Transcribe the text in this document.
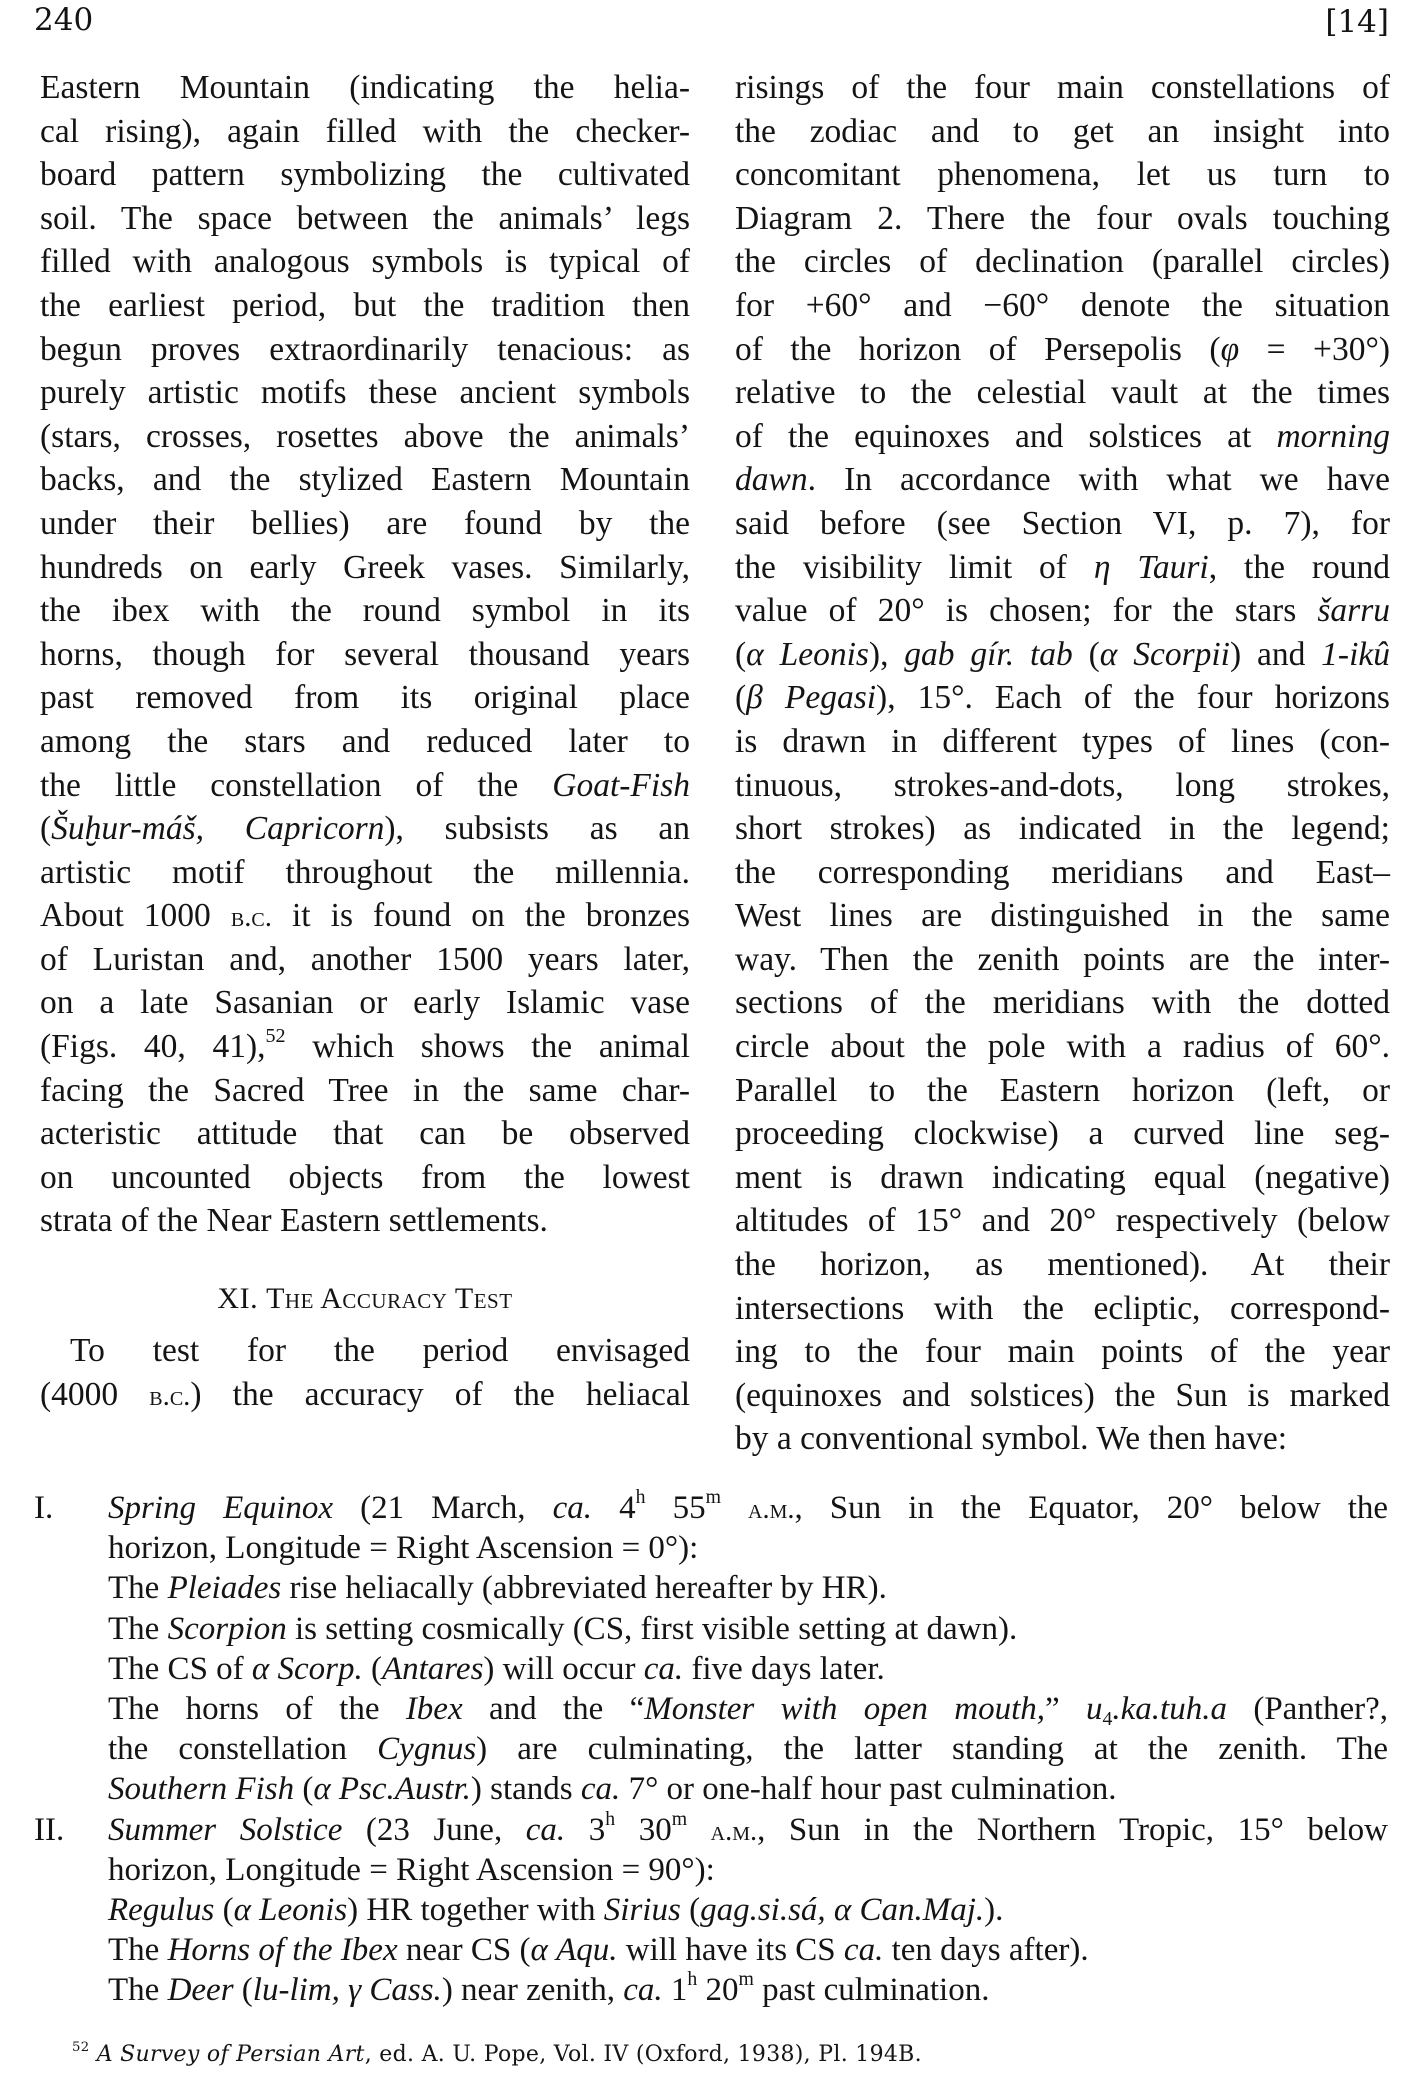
240	[14]
Eastern Mountain (indicating the helia-
cal rising), again filled with the checker-
board pattern symbolizing the cultivated
soil. The space between the animals’ legs
filled with analogous symbols is typical of
the earliest period, but the tradition then
begun proves extraordinarily tenacious: as
purely artistic motifs these ancient symbols
(stars, crosses, rosettes above the animals’
backs, and the stylized Eastern Mountain
under their bellies) are found by the
hundreds on early Greek vases. Similarly,
the ibex with the round symbol in its
horns, though for several thousand years
past removed from its original place
among the stars and reduced later to
the little constellation of the Goat-Fish
(Šuḫur-máš, Capricorn), subsists as an
artistic motif throughout the millennia.
About 1000 b.c. it is found on the bronzes
of Luristan and, another 1500 years later,
on a late Sasanian or early Islamic vase
(Figs. 40, 41),$^{52}$ which shows the animal
facing the Sacred Tree in the same char-
acteristic attitude that can be observed
on uncounted objects from the lowest
strata of the Near Eastern settlements.
XI. The Accuracy Test
To test for the period envisaged
(4000 b.c.) the accuracy of the heliacal
risings of the four main constellations of
the zodiac and to get an insight into
concomitant phenomena, let us turn to
Diagram 2. There the four ovals touching
the circles of declination (parallel circles)
for +60° and −60° denote the situation
of the horizon of Persepolis (φ = +30°)
relative to the celestial vault at the times
of the equinoxes and solstices at morning
dawn. In accordance with what we have
said before (see Section VI, p. 7), for
the visibility limit of η Tauri, the round
value of 20° is chosen; for the stars šarru
(α Leonis), gab gír. tab (α Scorpii) and 1-ikû
(β Pegasi), 15°. Each of the four horizons
is drawn in different types of lines (con-
tinuous, strokes-and-dots, long strokes,
short strokes) as indicated in the legend;
the corresponding meridians and East–
West lines are distinguished in the same
way. Then the zenith points are the inter-
sections of the meridians with the dotted
circle about the pole with a radius of 60°.
Parallel to the Eastern horizon (left, or
proceeding clockwise) a curved line seg-
ment is drawn indicating equal (negative)
altitudes of 15° and 20° respectively (below
the horizon, as mentioned). At their
intersections with the ecliptic, correspond-
ing to the four main points of the year
(equinoxes and solstices) the Sun is marked
by a conventional symbol. We then have:
I. Spring Equinox (21 March, ca. 4$^h$ 55$^m$ a.m., Sun in the Equator, 20° below the
horizon, Longitude = Right Ascension = 0°):
The Pleiades rise heliacally (abbreviated hereafter by HR).
The Scorpion is setting cosmically (CS, first visible setting at dawn).
The CS of α Scorp. (Antares) will occur ca. five days later.
The horns of the Ibex and the “Monster with open mouth,” $u_4.ka.tuh.a$ (Panther?,
the constellation Cygnus) are culminating, the latter standing at the zenith. The
Southern Fish (α Psc.Austr.) stands ca. 7° or one-half hour past culmination.
II. Summer Solstice (23 June, ca. 3$^h$ 30$^m$ a.m., Sun in the Northern Tropic, 15° below
horizon, Longitude = Right Ascension = 90°):
Regulus (α Leonis) HR together with Sirius (gag.si.sá, α Can.Maj.).
The Horns of the Ibex near CS (α Aqu. will have its CS ca. ten days after).
The Deer (lu-lim, γ Cass.) near zenith, ca. 1$^h$ 20$^m$ past culmination.
$^{52}$ A Survey of Persian Art, ed. A. U. Pope, Vol. IV (Oxford, 1938), Pl. 194B.
